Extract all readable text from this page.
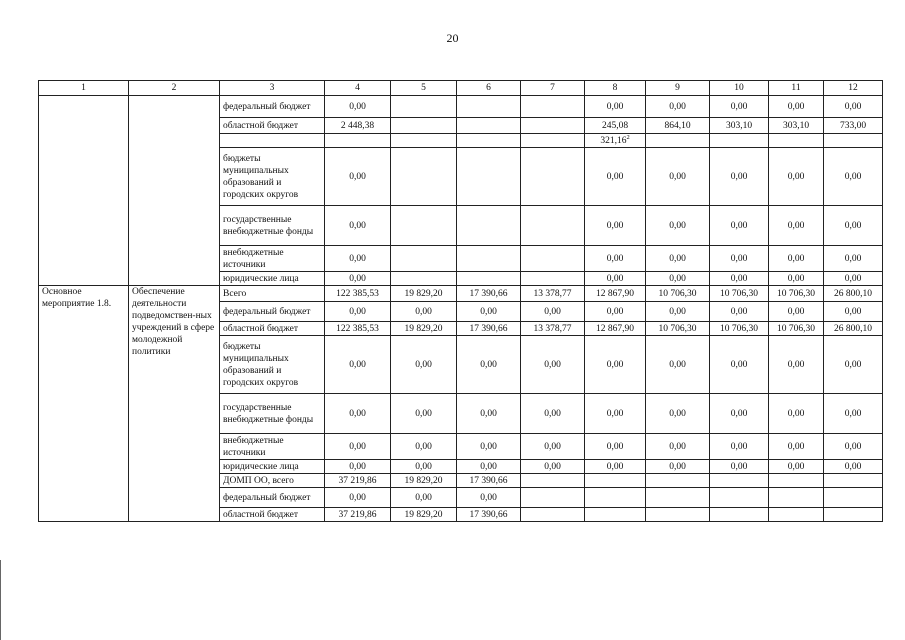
20
1	2	3	4	5	6	7	8	9	10	11	12
		федеральный бюджет	0,00				0,00	0,00	0,00	0,00	0,00
		областной бюджет	2 448,38				245,08	864,10	303,10	303,10	733,00
							321,16$^2$				
		бюджеты муниципальных образований и городских округов	0,00				0,00	0,00	0,00	0,00	0,00
		государственные внебюджетные фонды	0,00				0,00	0,00	0,00	0,00	0,00
		внебюджетные источники	0,00				0,00	0,00	0,00	0,00	0,00
		юридические лица	0,00				0,00	0,00	0,00	0,00	0,00
Основное мероприятие 1.8.	Обеспечение деятельности подведомствен-ных учреждений в сфере молодежной политики	Всего	122 385,53	19 829,20	17 390,66	13 378,77	12 867,90	10 706,30	10 706,30	10 706,30	26 800,10
		федеральный бюджет	0,00	0,00	0,00	0,00	0,00	0,00	0,00	0,00	0,00
		областной бюджет	122 385,53	19 829,20	17 390,66	13 378,77	12 867,90	10 706,30	10 706,30	10 706,30	26 800,10
		бюджеты муниципальных образований и городских округов	0,00	0,00	0,00	0,00	0,00	0,00	0,00	0,00	0,00
		государственные внебюджетные фонды	0,00	0,00	0,00	0,00	0,00	0,00	0,00	0,00	0,00
		внебюджетные источники	0,00	0,00	0,00	0,00	0,00	0,00	0,00	0,00	0,00
		юридические лица	0,00	0,00	0,00	0,00	0,00	0,00	0,00	0,00	0,00
		ДОМП ОО, всего	37 219,86	19 829,20	17 390,66						
		федеральный бюджет	0,00	0,00	0,00						
		областной бюджет	37 219,86	19 829,20	17 390,66						
